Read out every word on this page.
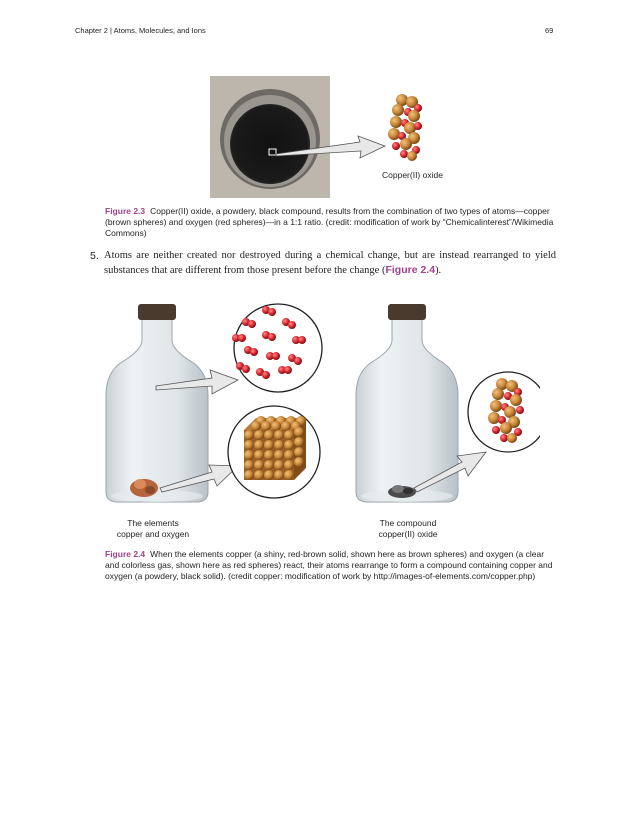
Chapter 2 | Atoms, Molecules, and Ions	69
Copper(II) oxide
Figure 2.3 Copper(II) oxide, a powdery, black compound, results from the combination of two types of atoms—copper (brown spheres) and oxygen (red spheres)—in a 1:1 ratio. (credit: modification of work by “Chemicalinterest”/Wikimedia Commons)
5. Atoms are neither created nor destroyed during a chemical change, but are instead rearranged to yield substances that are different from those present before the change (Figure 2.4).
The elements
copper and oxygen
The compound
copper(II) oxide
Figure 2.4 When the elements copper (a shiny, red-brown solid, shown here as brown spheres) and oxygen (a clear and colorless gas, shown here as red spheres) react, their atoms rearrange to form a compound containing copper and oxygen (a powdery, black solid). (credit copper: modification of work by http://images-of-elements.com/copper.php)
